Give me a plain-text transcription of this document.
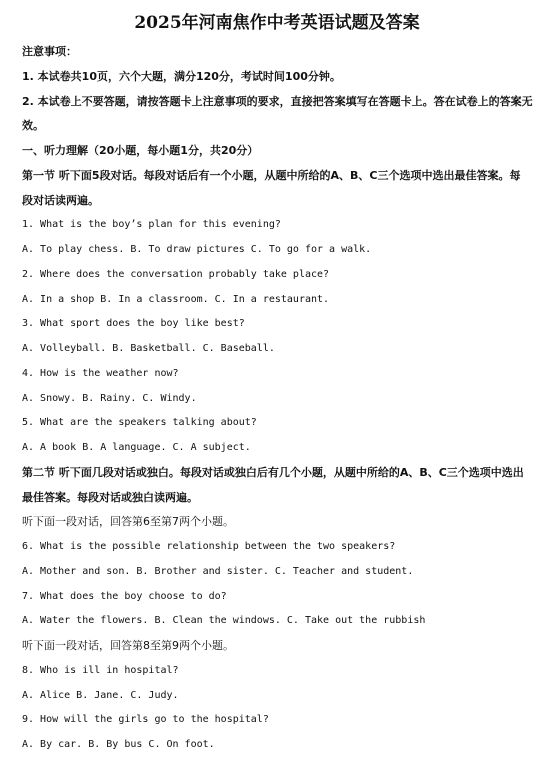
2025年河南焦作中考英语试题及答案
注意事项：
1. 本试卷共10页，六个大题，满分120分，考试时间100分钟。
2. 本试卷上不要答题，请按答题卡上注意事项的要求，直接把答案填写在答题卡上。答在试卷上的答案无
效。
一、听力理解（20小题，每小题1分，共20分）
第一节 听下面5段对话。每段对话后有一个小题，从题中所给的A、B、C三个选项中选出最佳答案。每
段对话读两遍。
1. What is the boy’s plan for this evening?
A. To play chess. B. To draw pictures C. To go for a walk.
2. Where does the conversation probably take place?
A. In a shop B. In a classroom. C. In a restaurant.
3. What sport does the boy like best?
A. Volleyball. B. Basketball. C. Baseball.
4. How is the weather now?
A. Snowy. B. Rainy. C. Windy.
5. What are the speakers talking about?
A. A book B. A language. C. A subject.
第二节 听下面几段对话或独白。每段对话或独白后有几个小题，从题中所给的A、B、C三个选项中选出
最佳答案。每段对话或独白读两遍。
听下面一段对话，回答第6至第7两个小题。
6. What is the possible relationship between the two speakers?
A. Mother and son. B. Brother and sister. C. Teacher and student.
7. What does the boy choose to do?
A. Water the flowers. B. Clean the windows. C. Take out the rubbish
听下面一段对话，回答第8至第9两个小题。
8. Who is ill in hospital?
A. Alice B. Jane. C. Judy.
9. How will the girls go to the hospital?
A. By car. B. By bus C. On foot.
